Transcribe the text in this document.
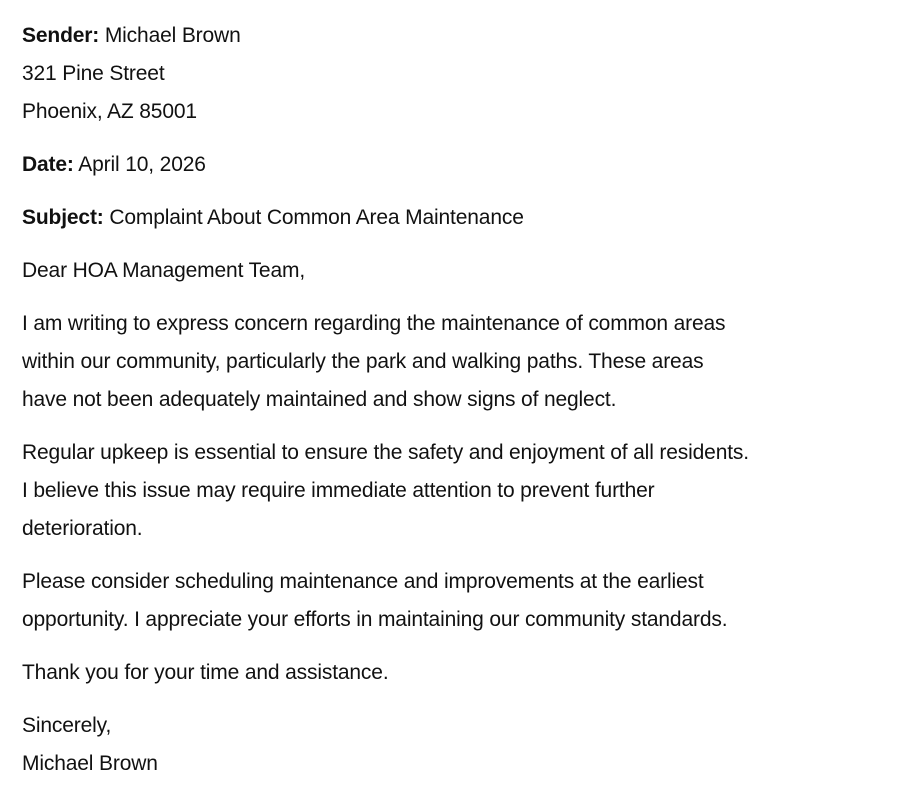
Sender: Michael Brown
321 Pine Street
Phoenix, AZ 85001
Date: April 10, 2026
Subject: Complaint About Common Area Maintenance
Dear HOA Management Team,
I am writing to express concern regarding the maintenance of common areas
within our community, particularly the park and walking paths. These areas
have not been adequately maintained and show signs of neglect.
Regular upkeep is essential to ensure the safety and enjoyment of all residents.
I believe this issue may require immediate attention to prevent further
deterioration.
Please consider scheduling maintenance and improvements at the earliest
opportunity. I appreciate your efforts in maintaining our community standards.
Thank you for your time and assistance.
Sincerely,
Michael Brown
